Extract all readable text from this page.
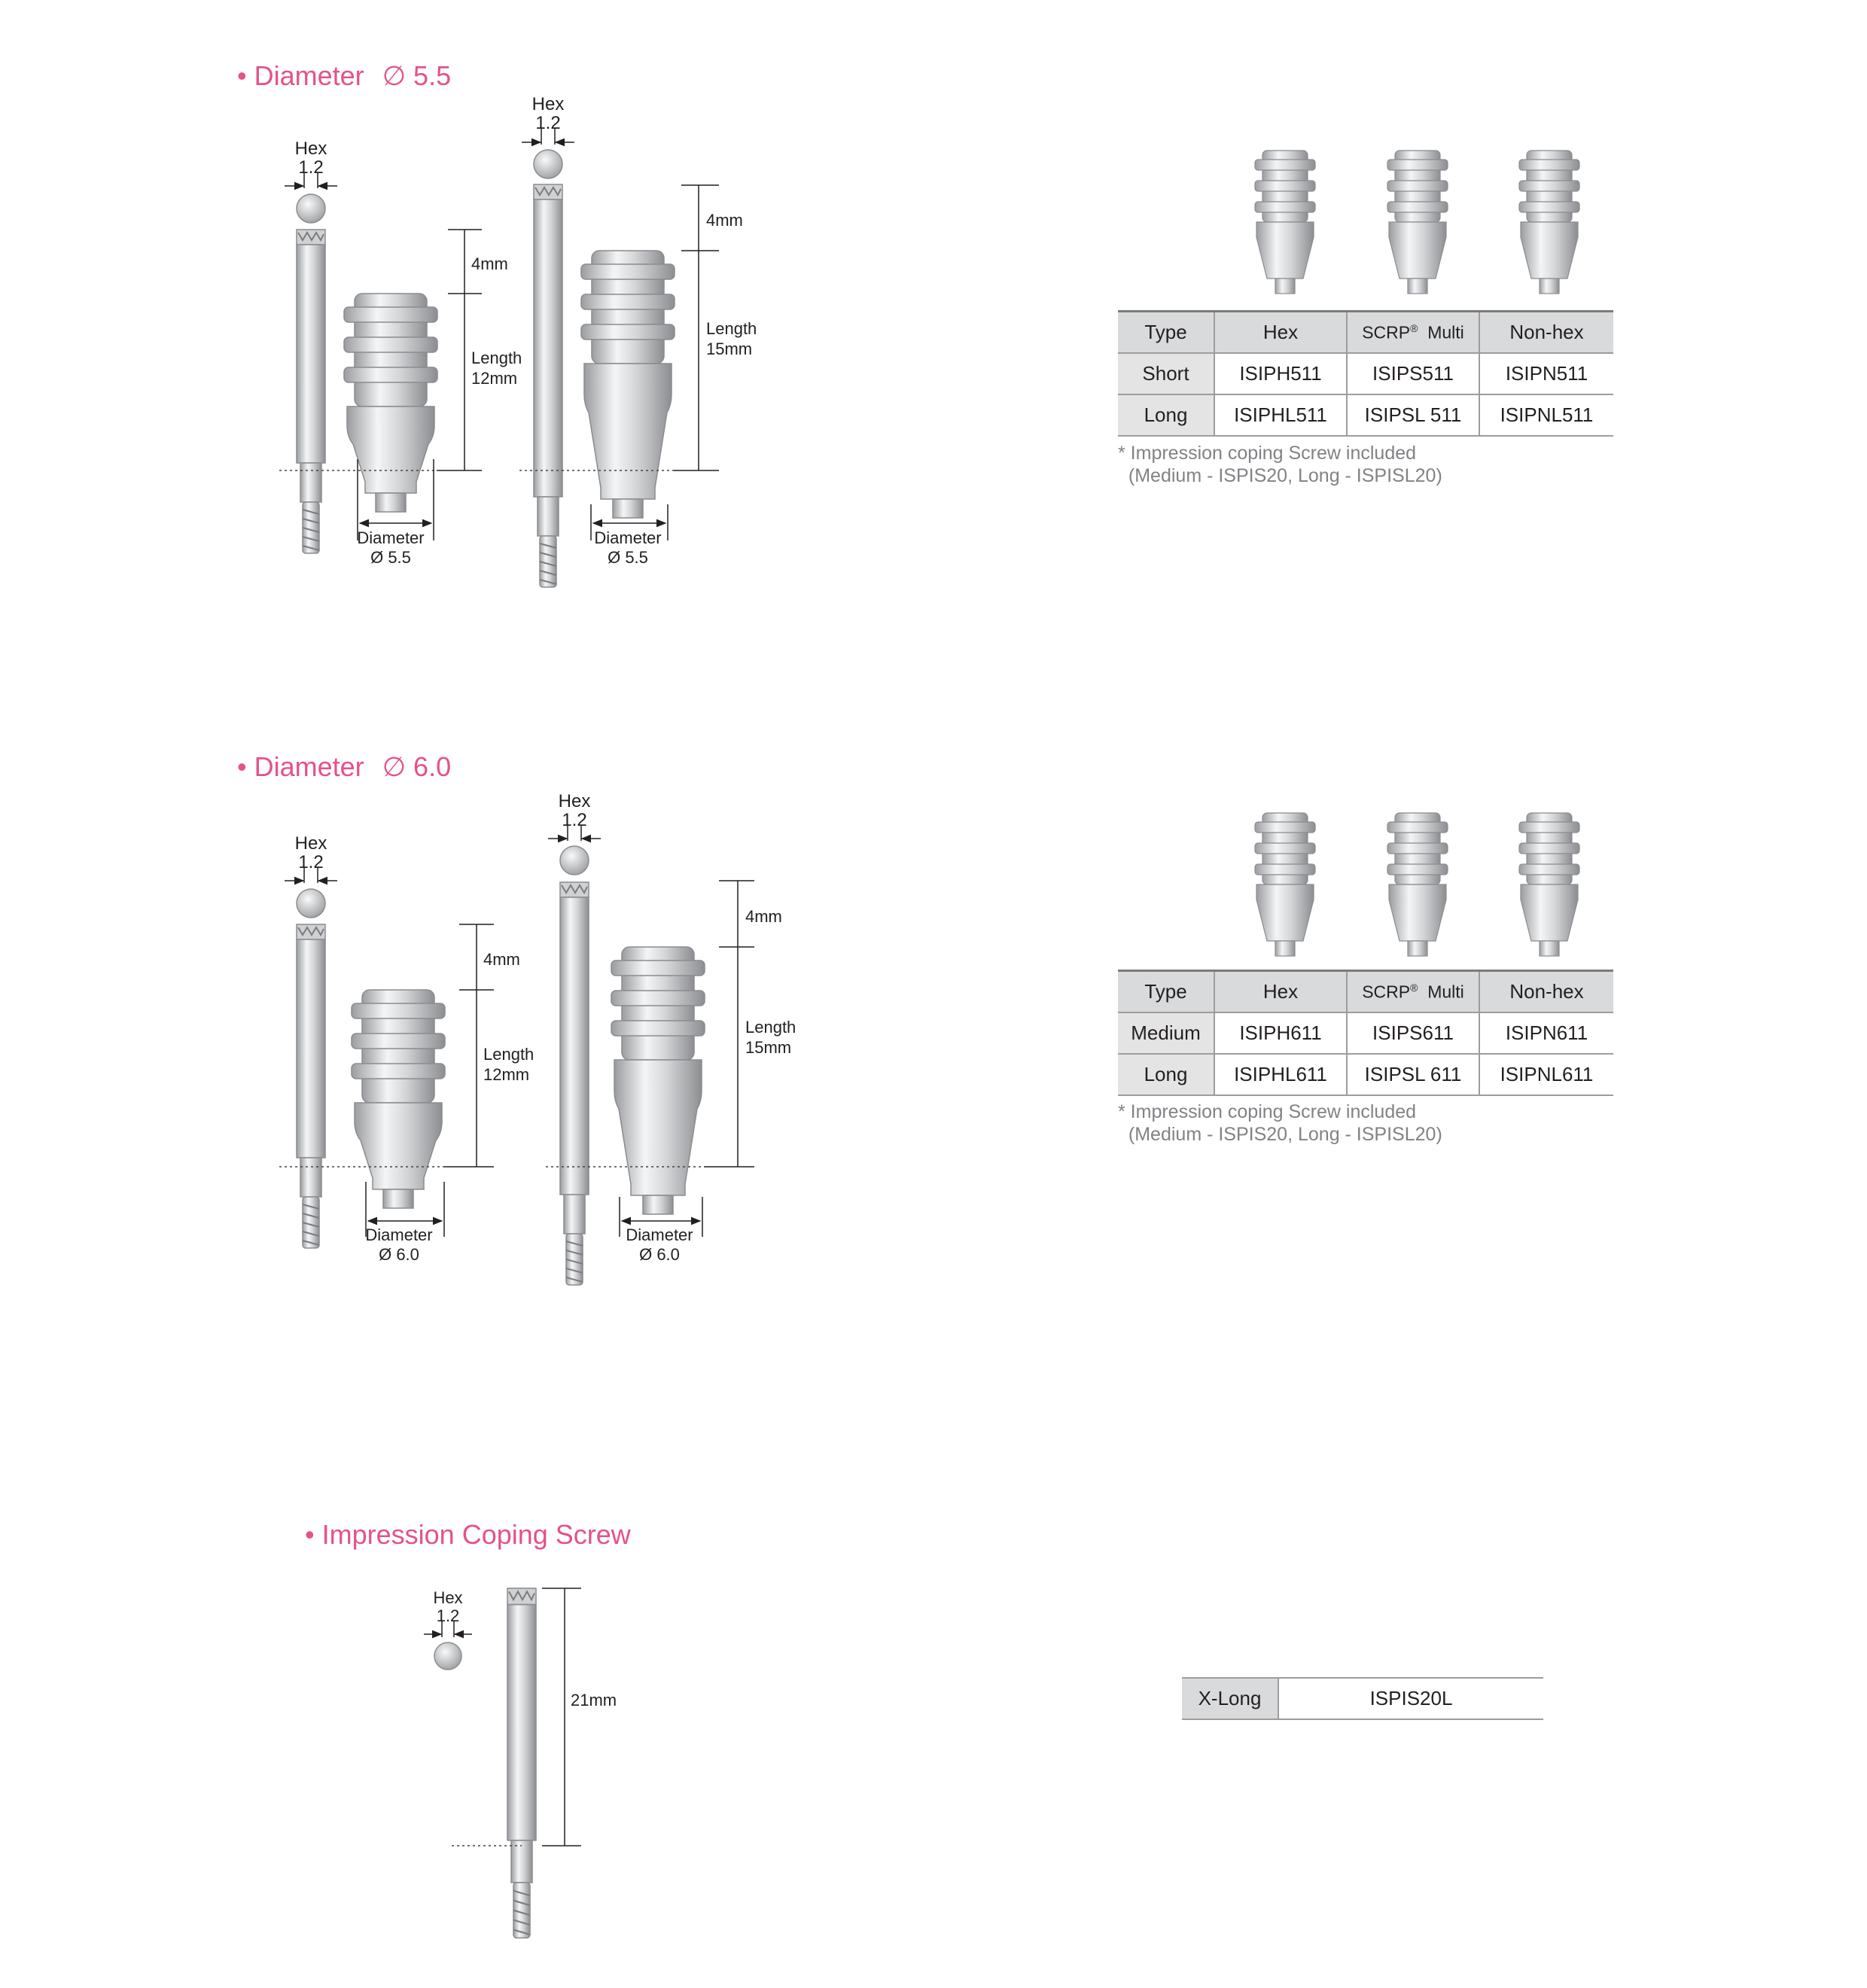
Hex
1.2
4mm
Length
12mm
Diameter
Ø 5.5
Hex
1.2
4mm
Length
15mm
Diameter
Ø 5.5
Hex
1.2
4mm
Length
12mm
Diameter
Ø 6.0
Hex
1.2
4mm
Length
15mm
Diameter
Ø 6.0
Hex
1.2
21mm
• Diameter ∅ 5.5
• Diameter ∅ 6.0
• Impression Coping Screw
Type	Hex	SCRP® Multi	Non-hex
Short	ISIPH511	ISIPS511	ISIPN511
Long	ISIPHL511	ISIPSL 511	ISIPNL511
* Impression coping Screw included
(Medium - ISPIS20, Long - ISPISL20)
Type	Hex	SCRP® Multi	Non-hex
Medium	ISIPH611	ISIPS611	ISIPN611
Long	ISIPHL611	ISIPSL 611	ISIPNL611
* Impression coping Screw included
(Medium - ISPIS20, Long - ISPISL20)
X-Long	ISPIS20L
